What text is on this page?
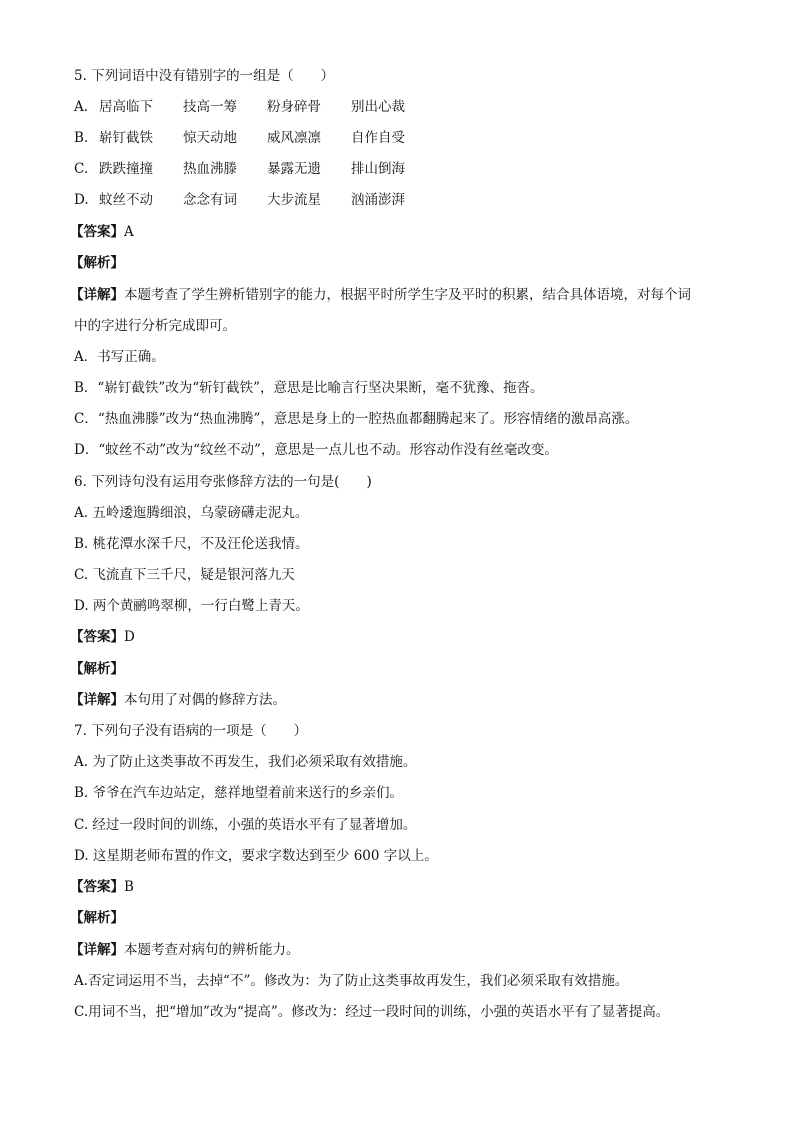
5. 下列词语中没有错别字的一组是（　　）
A. 居高临下	技高一筹	粉身碎骨	别出心裁
B. 崭钉截铁	惊天动地	威风凛凛	自作自受
C. 跌跌撞撞	热血沸滕	暴露无遗	排山倒海
D. 蚊丝不动	念念有词	大步流星	汹涌澎湃
【答案】A
【解析】
【详解】本题考查了学生辨析错别字的能力，根据平时所学生字及平时的积累，结合具体语境，对每个词
中的字进行分析完成即可。
A．书写正确。
B．“崭钉截铁”改为“斩钉截铁”，意思是比喻言行坚决果断，毫不犹豫、拖沓。
C．“热血沸滕”改为“热血沸腾”，意思是身上的一腔热血都翻腾起来了。形容情绪的激昂高涨。
D．“蚊丝不动”改为“纹丝不动”，意思是一点儿也不动。形容动作没有丝毫改变。
6. 下列诗句没有运用夸张修辞方法的一句是(　　)
A. 五岭逶迤腾细浪，乌蒙磅礴走泥丸。
B. 桃花潭水深千尺，不及汪伦送我情。
C. 飞流直下三千尺，疑是银河落九天
D. 两个黄鹂鸣翠柳，一行白鹭上青天。
【答案】D
【解析】
【详解】本句用了对偶的修辞方法。
7. 下列句子没有语病的一项是（　　）
A. 为了防止这类事故不再发生，我们必须采取有效措施。
B. 爷爷在汽车边站定，慈祥地望着前来送行的乡亲们。
C. 经过一段时间的训练，小强的英语水平有了显著增加。
D. 这星期老师布置的作文，要求字数达到至少 600 字以上。
【答案】B
【解析】
【详解】本题考查对病句的辨析能力。
A.否定词运用不当，去掉“不”。修改为：为了防止这类事故再发生，我们必须采取有效措施。
C.用词不当，把“增加”改为“提高”。修改为：经过一段时间的训练，小强的英语水平有了显著提高。
